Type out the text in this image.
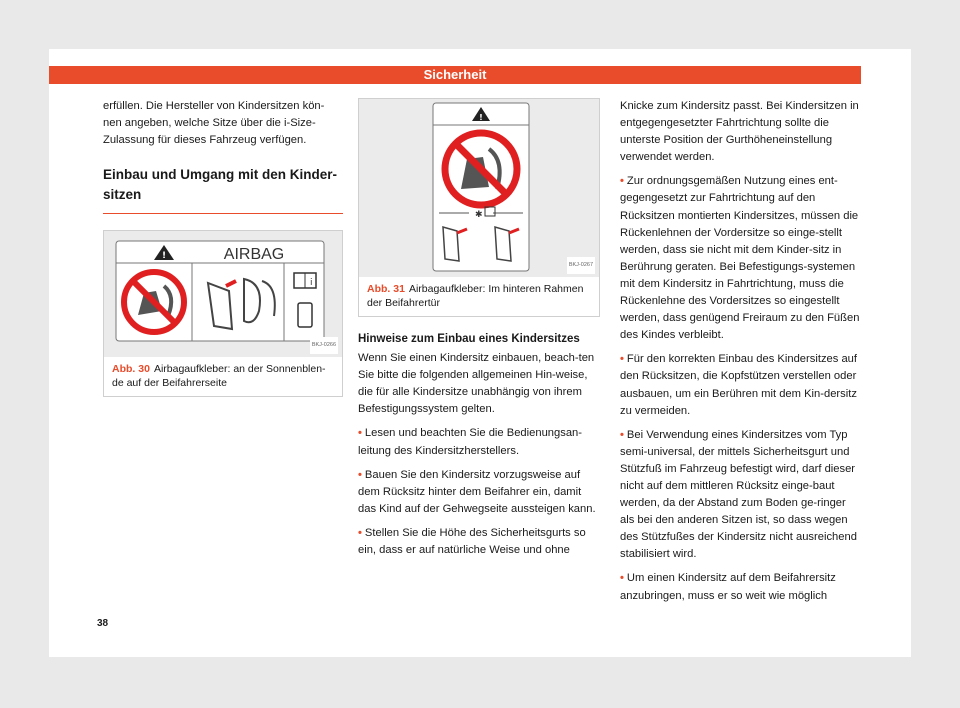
Sicherheit

erfüllen. Die Hersteller von Kindersitzen kön-nen angeben, welche Sitze über die i-Size-Zulassung für dieses Fahrzeug verfügen.

Einbau und Umgang mit den Kinder-sitzen
!	AIRBAG
i
BKJ-0266
Abb. 30 Airbagaufkleber: an der Sonnenblen-de auf der Beifahrerseite
!
✱
BKJ-0267
Abb. 31 Airbagaufkleber: Im hinteren Rahmen der Beifahrertür
Hinweise zum Einbau eines Kindersitzes

Wenn Sie einen Kindersitz einbauen, beach-ten Sie bitte die folgenden allgemeinen Hin-weise, die für alle Kindersitze unabhängig von ihrem Befestigungssystem gelten.

• Lesen und beachten Sie die Bedienungsan-leitung des Kindersitzherstellers.

• Bauen Sie den Kindersitz vorzugsweise auf dem Rücksitz hinter dem Beifahrer ein, damit das Kind auf der Gehwegseite aussteigen kann.

• Stellen Sie die Höhe des Sicherheitsgurts so ein, dass er auf natürliche Weise und ohne

Knicke zum Kindersitz passt. Bei Kindersitzen in entgegengesetzter Fahrtrichtung sollte die unterste Position der Gurthöheneinstellung verwendet werden.

• Zur ordnungsgemäßen Nutzung eines ent-gegengesetzt zur Fahrtrichtung auf den Rücksitzen montierten Kindersitzes, müssen die Rückenlehnen der Vordersitze so einge-stellt werden, dass sie nicht mit dem Kinder-sitz in Berührung geraten. Bei Befestigungs-systemen mit dem Kindersitz in Fahrtrichtung, muss die Rückenlehne des Vordersitzes so eingestellt werden, dass genügend Freiraum zu den Füßen des Kindes verbleibt.

• Für den korrekten Einbau des Kindersitzes auf den Rücksitzen, die Kopfstützen verstellen oder ausbauen, um ein Berühren mit dem Kin-dersitz zu vermeiden.

• Bei Verwendung eines Kindersitzes vom Typ semi-universal, der mittels Sicherheitsgurt und Stützfuß im Fahrzeug befestigt wird, darf dieser nicht auf dem mittleren Rücksitz einge-baut werden, da der Abstand zum Boden ge-ringer als bei den anderen Sitzen ist, so dass wegen des Stützfußes der Kindersitz nicht ausreichend stabilisiert wird.

• Um einen Kindersitz auf dem Beifahrersitz anzubringen, muss er so weit wie möglich

38
